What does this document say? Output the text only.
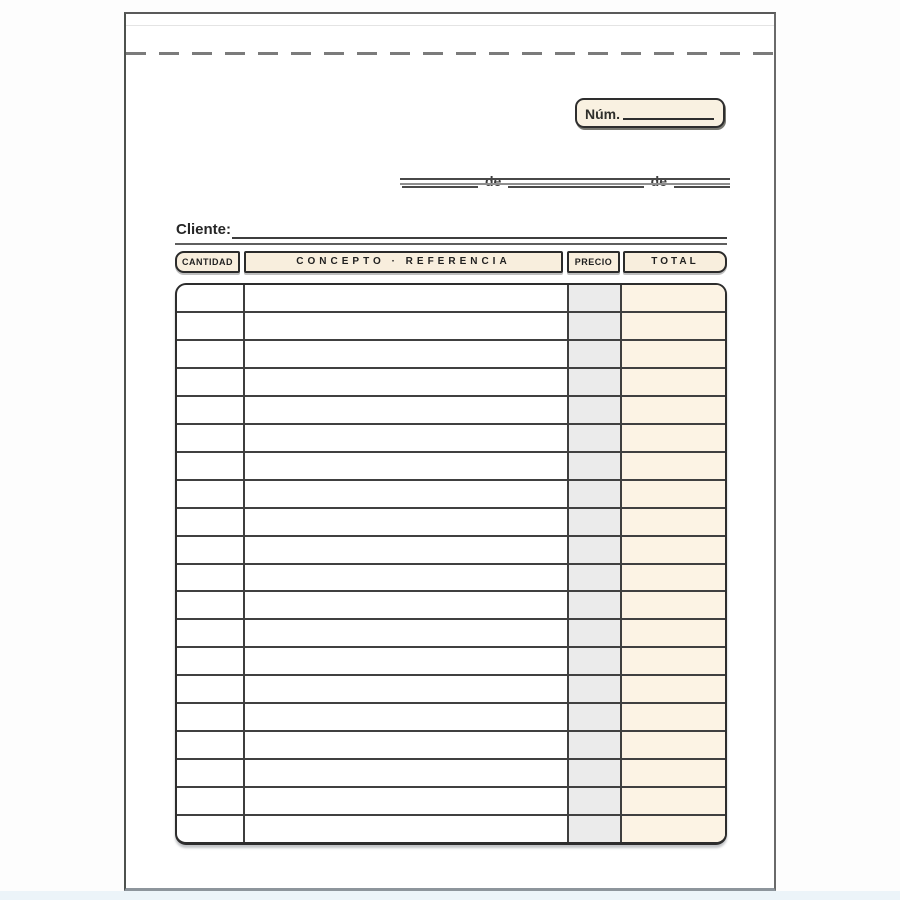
Núm.
de	de
Cliente:
CANTIDAD	CONCEPTO · REFERENCIA	PRECIO	TOTAL
